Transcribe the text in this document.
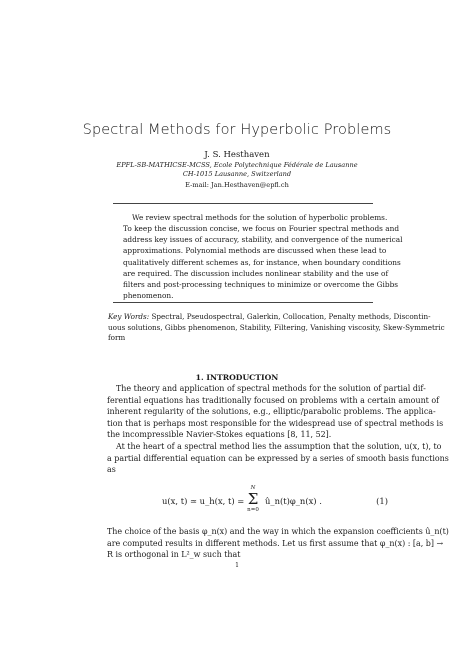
Spectral Methods for Hyperbolic Problems
J. S. Hesthaven
EPFL-SB-MATHICSE-MCSS, Ecole Polytechnique Fédérale de Lausanne
CH-1015 Lausanne, Switzerland
E-mail: Jan.Hesthaven@epfl.ch
We review spectral methods for the solution of hyperbolic problems.
To keep the discussion concise, we focus on Fourier spectral methods and
address key issues of accuracy, stability, and convergence of the numerical
approximations. Polynomial methods are discussed when these lead to
qualitatively different schemes as, for instance, when boundary conditions
are required. The discussion includes nonlinear stability and the use of
filters and post-processing techniques to minimize or overcome the Gibbs
phenomenon.
Key Words: Spectral, Pseudospectral, Galerkin, Collocation, Penalty methods, Discontin-
uous solutions, Gibbs phenomenon, Stability, Filtering, Vanishing viscosity, Skew-Symmetric
form
1. INTRODUCTION
The theory and application of spectral methods for the solution of partial dif-
ferential equations has traditionally focused on problems with a certain amount of
inherent regularity of the solutions, e.g., elliptic/parabolic problems. The applica-
tion that is perhaps most responsible for the widespread use of spectral methods is
the incompressible Navier-Stokes equations [8, 11, 52].
At the heart of a spectral method lies the assumption that the solution, u(x, t), to
a partial differential equation can be expressed by a series of smooth basis functions
as
u(x, t) ≃ u_h(x, t) =
N
Σ
n=0
û_n(t)φ_n(x) .	(1)
The choice of the basis φ_n(x) and the way in which the expansion coefficients û_n(t)
are computed results in different methods. Let us first assume that φ_n(x) : [a, b] →
R is orthogonal in L²_w such that
1
